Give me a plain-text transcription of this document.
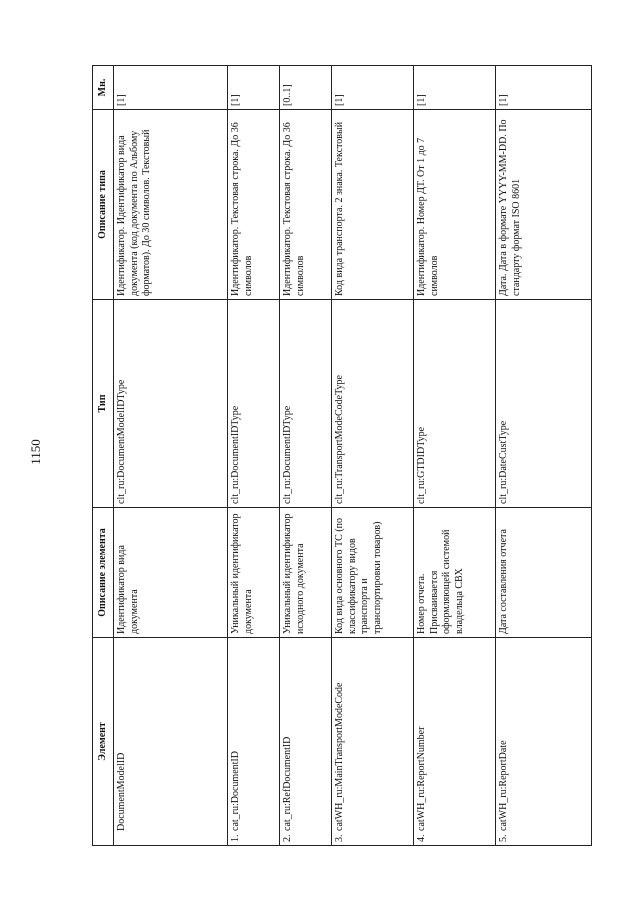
1150
Элемент	Описание элемента	Тип	Описание типа	Мн.
DocumentModelID	Идентификатор вида документа	clt_ru:DocumentModelIDType	Идентификатор. Идентификатор вида документа (код документа по Альбому форматов). До 30 символов. Текстовый	[1]
1.cat_ru:DocumentID	Уникальный идентификатор документа	clt_ru:DocumentIDType	Идентификатор. Текстовая строка. До 36 символов	[1]
2.cat_ru:RefDocumentID	Уникальный идентификатор исходного документа	clt_ru:DocumentIDType	Идентификатор. Текстовая строка. До 36 символов	[0..1]
3.catWH_ru:MainTransportModeCode	Код вида основного ТС (по классификатору видов транспорта и транспортировки товаров)	clt_ru:TransportModeCodeType	Код вида транспорта. 2 знака. Текстовый	[1]
4.catWH_ru:ReportNumber	Номер отчета. Присваивается оформляющей системой владельца СВХ	clt_ru:GTDIDType	Идентификатор. Номер ДТ. От 1 до 7 символов	[1]
5.catWH_ru:ReportDate	Дата составления отчета	clt_ru:DateCustType	Дата. Дата в формате YYYY-MM-DD. По стандарту формат ISO 8601	[1]
